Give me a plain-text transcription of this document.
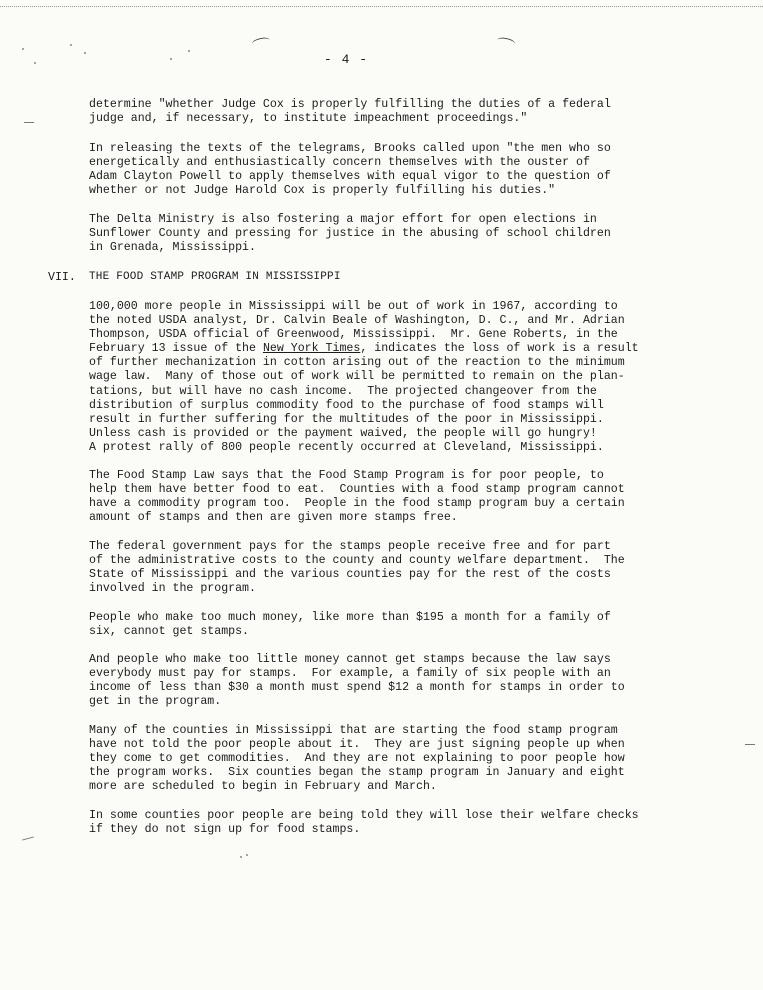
- 4 -

determine "whether Judge Cox is properly fulfilling the duties of a federal
judge and, if necessary, to institute impeachment proceedings."

In releasing the texts of the telegrams, Brooks called upon "the men who so
energetically and enthusiastically concern themselves with the ouster of
Adam Clayton Powell to apply themselves with equal vigor to the question of
whether or not Judge Harold Cox is properly fulfilling his duties."

The Delta Ministry is also fostering a major effort for open elections in
Sunflower County and pressing for justice in the abusing of school children
in Grenada, Mississippi.

VII. THE FOOD STAMP PROGRAM IN MISSISSIPPI

100,000 more people in Mississippi will be out of work in 1967, according to
the noted USDA analyst, Dr. Calvin Beale of Washington, D. C., and Mr. Adrian
Thompson, USDA official of Greenwood, Mississippi.  Mr. Gene Roberts, in the
February 13 issue of the New York Times, indicates the loss of work is a result
of further mechanization in cotton arising out of the reaction to the minimum
wage law.  Many of those out of work will be permitted to remain on the plan-
tations, but will have no cash income.  The projected changeover from the
distribution of surplus commodity food to the purchase of food stamps will
result in further suffering for the multitudes of the poor in Mississippi.
Unless cash is provided or the payment waived, the people will go hungry!
A protest rally of 800 people recently occurred at Cleveland, Mississippi.

The Food Stamp Law says that the Food Stamp Program is for poor people, to
help them have better food to eat.  Counties with a food stamp program cannot
have a commodity program too.  People in the food stamp program buy a certain
amount of stamps and then are given more stamps free.

The federal government pays for the stamps people receive free and for part
of the administrative costs to the county and county welfare department.  The
State of Mississippi and the various counties pay for the rest of the costs
involved in the program.

People who make too much money, like more than $195 a month for a family of
six, cannot get stamps.

And people who make too little money cannot get stamps because the law says
everybody must pay for stamps.  For example, a family of six people with an
income of less than $30 a month must spend $12 a month for stamps in order to
get in the program.

Many of the counties in Mississippi that are starting the food stamp program
have not told the poor people about it.  They are just signing people up when
they come to get commodities.  And they are not explaining to poor people how
the program works.  Six counties began the stamp program in January and eight
more are scheduled to begin in February and March.

In some counties poor people are being told they will lose their welfare checks
if they do not sign up for food stamps.
